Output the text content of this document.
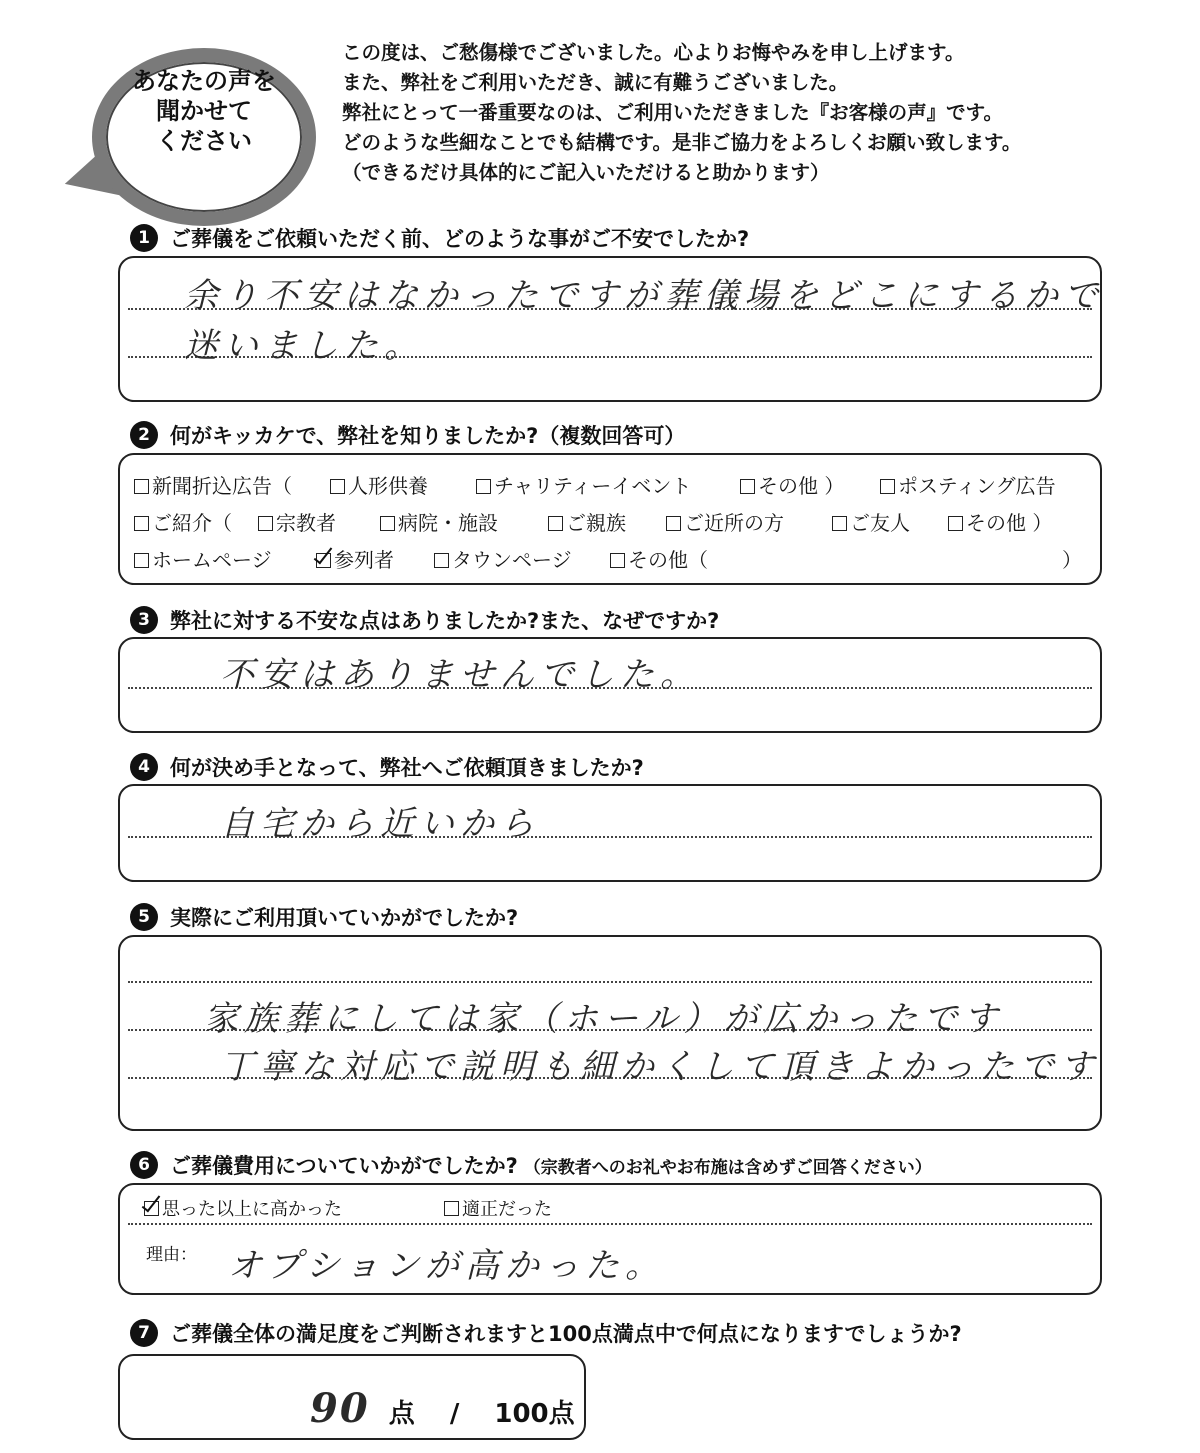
あなたの声を
聞かせて
ください
この度は、ご愁傷様でございました。心よりお悔やみを申し上げます。
また、弊社をご利用いただき、誠に有難うございました。
弊社にとって一番重要なのは、ご利用いただきました『お客様の声』です。
どのような些細なことでも結構です。是非ご協力をよろしくお願い致します。
（できるだけ具体的にご記入いただけると助かります）
1 ご葬儀をご依頼いただく前、どのような事がご不安でしたか?
余り不安はなかったですが葬儀場をどこにするかで
迷いました。
2 何がキッカケで、弊社を知りましたか?（複数回答可）
新聞折込広告（	人形供養	チャリティーイベント	その他 ）	ポスティング広告
ご紹介（	宗教者	病院・施設	ご親族	ご近所の方	ご友人	その他 ）
ホームページ	参列者	タウンページ	その他（	）
3 弊社に対する不安な点はありましたか?また、なぜですか?
不安はありませんでした。
4 何が決め手となって、弊社へご依頼頂きましたか?
自宅から近いから
5 実際にご利用頂いていかがでしたか?
家族葬にしては家（ホール）が広かったです
丁寧な対応で説明も細かくして頂きよかったです
6 ご葬儀費用についていかがでしたか? （宗教者へのお礼やお布施は含めずご回答ください）
思った以上に高かった	適正だった
理由： オプションが高かった。
7 ご葬儀全体の満足度をご判断されますと100点満点中で何点になりますでしょうか?
90 点 / 100点
